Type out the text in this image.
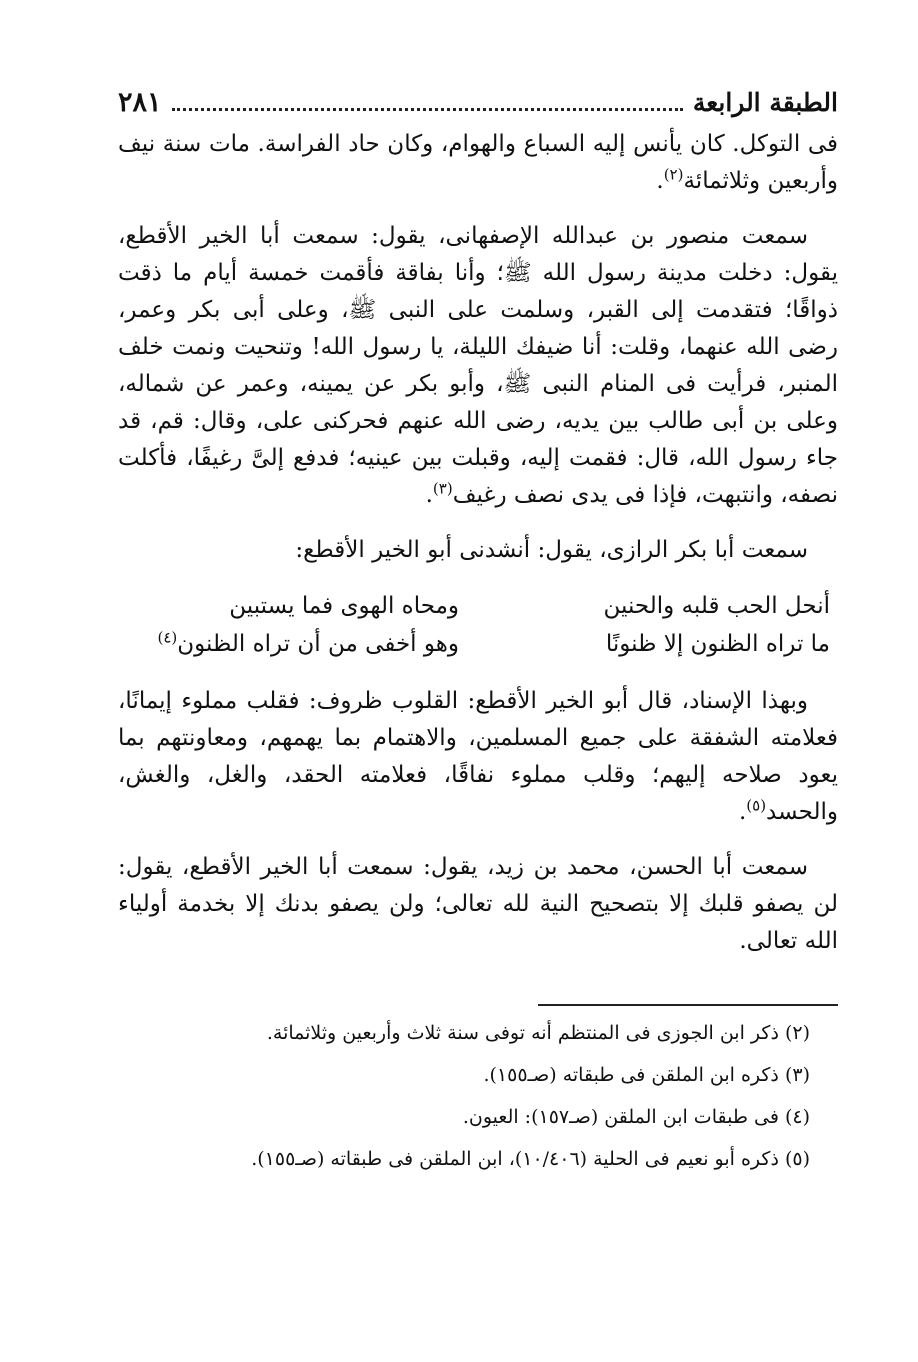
الطبقة الرابعة
٢٨١

فى التوكل. كان يأنس إليه السباع والهوام، وكان حاد الفراسة. مات سنة نيف وأربعين وثلاثمائة$^{(٢)}$.

سمعت منصور بن عبدالله الإصفهانى، يقول: سمعت أبا الخير الأقطع، يقول: دخلت مدينة رسول الله ﷺ؛ وأنا بفاقة فأقمت خمسة أيام ما ذقت ذواقًا؛ فتقدمت إلى القبر، وسلمت على النبى ﷺ، وعلى أبى بكر وعمر، رضى الله عنهما، وقلت: أنا ضيفك الليلة، يا رسول الله! وتنحيت ونمت خلف المنبر، فرأيت فى المنام النبى ﷺ، وأبو بكر عن يمينه، وعمر عن شماله، وعلى بن أبى طالب بين يديه، رضى الله عنهم فحركنى على، وقال: قم، قد جاء رسول الله، قال: فقمت إليه، وقبلت بين عينيه؛ فدفع إلىَّ رغيفًا، فأكلت نصفه، وانتبهت، فإذا فى يدى نصف رغيف$^{(٣)}$.

سمعت أبا بكر الرازى، يقول: أنشدنى أبو الخير الأقطع:

أنحل الحب قلبه والحنين
ومحاه الهوى فما يستبين
ما تراه الظنون إلا ظنونًا
وهو أخفى من أن تراه الظنون$^{(٤)}$

وبهذا الإسناد، قال أبو الخير الأقطع: القلوب ظروف: فقلب مملوء إيمانًا، فعلامته الشفقة على جميع المسلمين، والاهتمام بما يهمهم، ومعاونتهم بما يعود صلاحه إليهم؛ وقلب مملوء نفاقًا، فعلامته الحقد، والغل، والغش، والحسد$^{(٥)}$.

سمعت أبا الحسن، محمد بن زيد، يقول: سمعت أبا الخير الأقطع، يقول: لن يصفو قلبك إلا بتصحيح النية لله تعالى؛ ولن يصفو بدنك إلا بخدمة أولياء الله تعالى.

(٢) ذكر ابن الجوزى فى المنتظم أنه توفى سنة ثلاث وأربعين وثلاثمائة.
(٣) ذكره ابن الملقن فى طبقاته (صـ١٥٥).
(٤) فى طبقات ابن الملقن (صـ١٥٧): العيون.
(٥) ذكره أبو نعيم فى الحلية (١٠/٤٠٦)، ابن الملقن فى طبقاته (صـ١٥٥).
